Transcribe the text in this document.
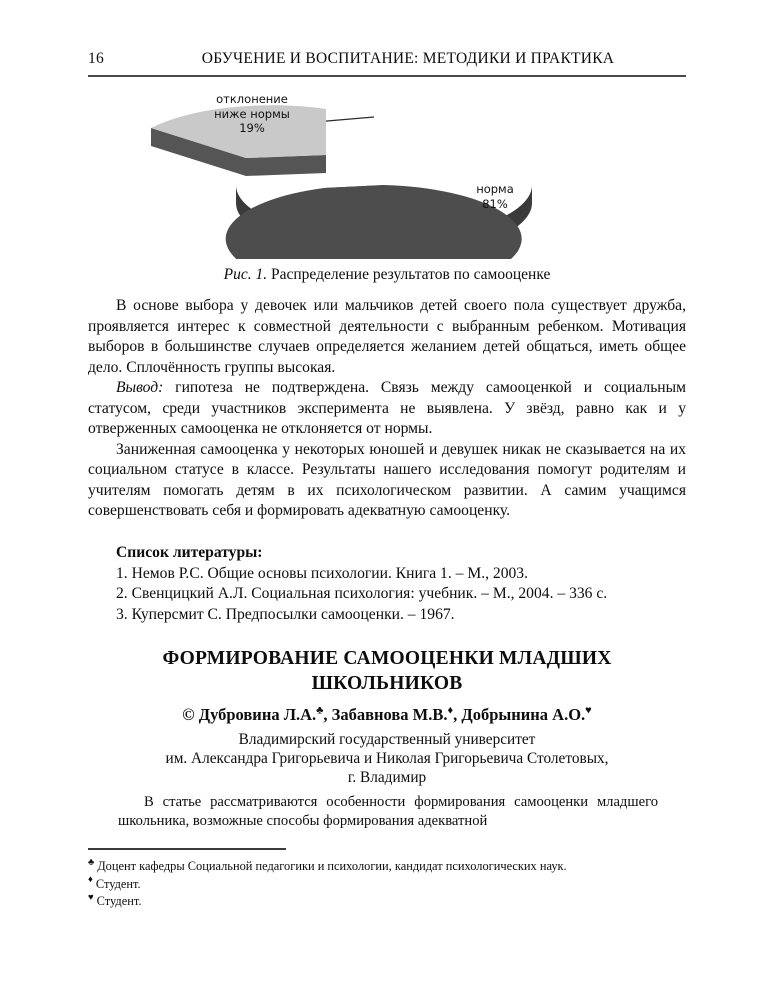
16	ОБУЧЕНИЕ И ВОСПИТАНИЕ: МЕТОДИКИ И ПРАКТИКА
отклонение
ниже нормы
19%
норма
81%
Рис. 1. Распределение результатов по самооценке

В основе выбора у девочек или мальчиков детей своего пола существует дружба, проявляется интерес к совместной деятельности с выбранным ребенком. Мотивация выборов в большинстве случаев определяется желанием детей общаться, иметь общее дело. Сплочённость группы высокая.

Вывод: гипотеза не подтверждена. Связь между самооценкой и социальным статусом, среди участников эксперимента не выявлена. У звёзд, равно как и у отверженных самооценка не отклоняется от нормы.

Заниженная самооценка у некоторых юношей и девушек никак не сказывается на их социальном статусе в классе. Результаты нашего исследования помогут родителям и учителям помогать детям в их психологическом развитии. А самим учащимся совершенствовать себя и формировать адекватную самооценку.

Список литературы:
1. Немов Р.С. Общие основы психологии. Книга 1. – М., 2003.
2. Свенцицкий А.Л. Социальная психология: учебник. – М., 2004. – 336 с.
3. Куперсмит С. Предпосылки самооценки. – 1967.
ФОРМИРОВАНИЕ САМООЦЕНКИ МЛАДШИХ
ШКОЛЬНИКОВ
© Дубровина Л.А.♣, Забавнова М.В.♦, Добрынина А.О.♥
Владимирский государственный университет
им. Александра Григорьевича и Николая Григорьевича Столетовых,
г. Владимир

В статье рассматриваются особенности формирования самооценки младшего школьника, возможные способы формирования адекватной

♣ Доцент кафедры Социальной педагогики и психологии, кандидат психологических наук.
♦ Студент.
♥ Студент.
